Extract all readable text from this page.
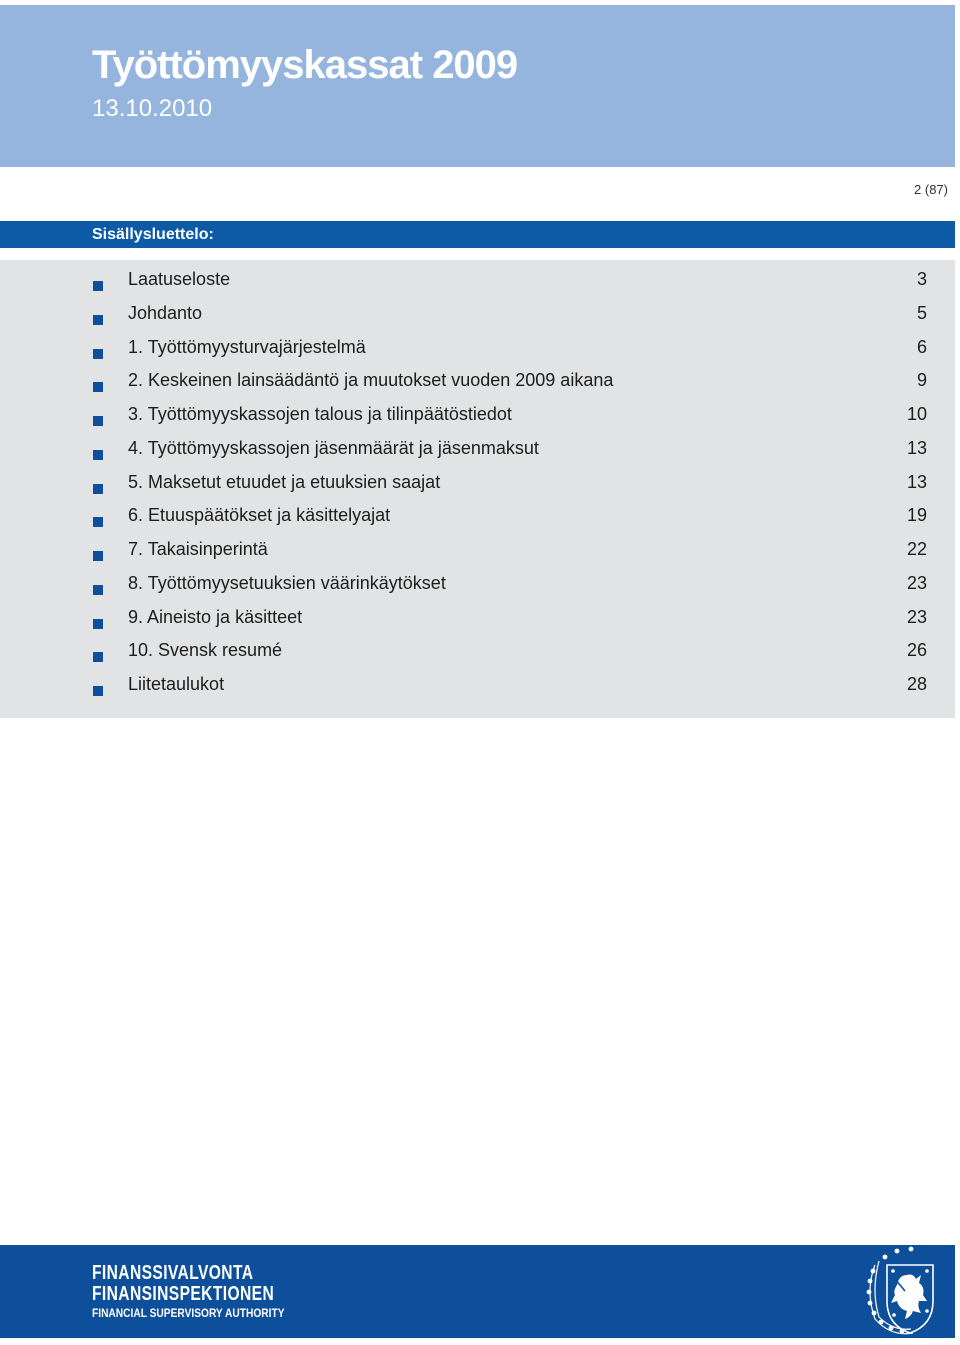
Työttömyyskassat 2009
13.10.2010
2 (87)
Sisällysluettelo:
Laatuseloste	3
Johdanto	5
1. Työttömyysturvajärjestelmä	6
2. Keskeinen lainsäädäntö ja muutokset vuoden 2009 aikana	9
3. Työttömyyskassojen talous ja tilinpäätöstiedot	10
4. Työttömyyskassojen jäsenmäärät ja jäsenmaksut	13
5. Maksetut etuudet ja etuuksien saajat	13
6. Etuuspäätökset ja käsittelyajat	19
7. Takaisinperintä	22
8. Työttömyysetuuksien väärinkäytökset	23
9. Aineisto ja käsitteet	23
10. Svensk resumé	26
Liitetaulukot	28
FINANSSIVALVONTA
FINANSINSPEKTIONEN
FINANCIAL SUPERVISORY AUTHORITY
